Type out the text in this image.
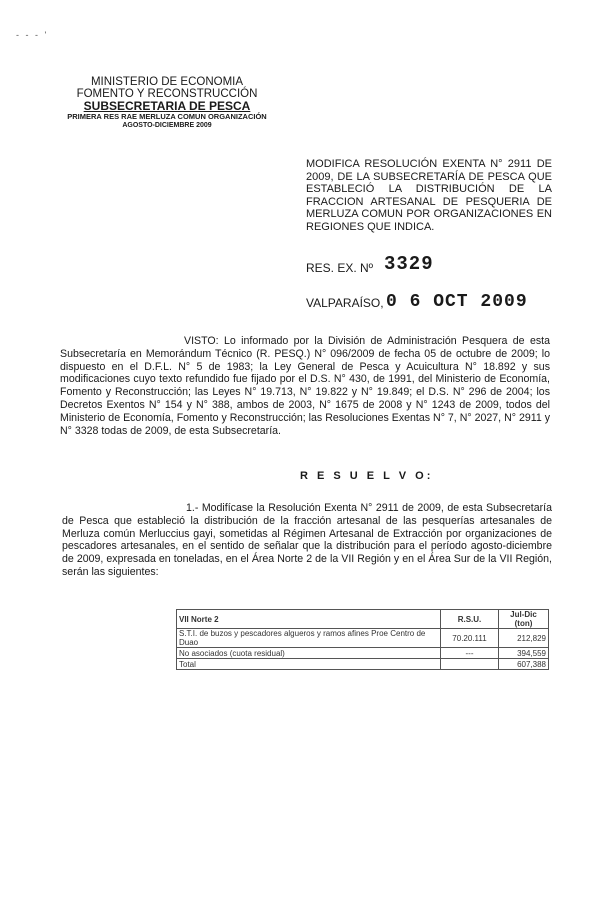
- - - '
MINISTERIO DE ECONOMIA
FOMENTO Y RECONSTRUCCIÓN
SUBSECRETARIA DE PESCA
PRIMERA RES RAE MERLUZA COMUN ORGANIZACIÓN
AGOSTO-DICIEMBRE 2009
MODIFICA RESOLUCIÓN EXENTA N° 2911 DE 2009, DE LA SUBSECRETARÍA DE PESCA QUE ESTABLECIÓ LA DISTRIBUCIÓN DE LA FRACCION ARTESANAL DE PESQUERIA DE MERLUZA COMUN POR ORGANIZACIONES EN REGIONES QUE INDICA.
RES. EX. Nº 3329
VALPARAÍSO, 0 6 OCT 2009
VISTO: Lo informado por la División de Administración Pesquera de esta Subsecretaría en Memorándum Técnico (R. PESQ.) N° 096/2009 de fecha 05 de octubre de 2009; lo dispuesto en el D.F.L. N° 5 de 1983; la Ley General de Pesca y Acuicultura N° 18.892 y sus modificaciones cuyo texto refundido fue fijado por el D.S. N° 430, de 1991, del Ministerio de Economía, Fomento y Reconstrucción; las Leyes N° 19.713, N° 19.822 y N° 19.849; el D.S. N° 296 de 2004; los Decretos Exentos N° 154 y N° 388, ambos de 2003, N° 1675 de 2008 y N° 1243 de 2009, todos del Ministerio de Economía, Fomento y Reconstrucción; las Resoluciones Exentas N° 7, N° 2027, N° 2911 y N° 3328 todas de 2009, de esta Subsecretaría.
R E S U E L V O:
1.- Modifícase la Resolución Exenta N° 2911 de 2009, de esta Subsecretaría de Pesca que estableció la distribución de la fracción artesanal de las pesquerías artesanales de Merluza común Merluccius gayi, sometidas al Régimen Artesanal de Extracción por organizaciones de pescadores artesanales, en el sentido de señalar que la distribución para el período agosto-diciembre de 2009, expresada en toneladas, en el Área Norte 2 de la VII Región y en el Área Sur de la VII Región, serán las siguientes:
VII Norte 2	R.S.U.	Jul-Dic (ton)
S.T.I. de buzos y pescadores algueros y ramos afines Proe Centro de Duao	70.20.111	212,829
No asociados (cuota residual)	---	394,559
Total		607,388
